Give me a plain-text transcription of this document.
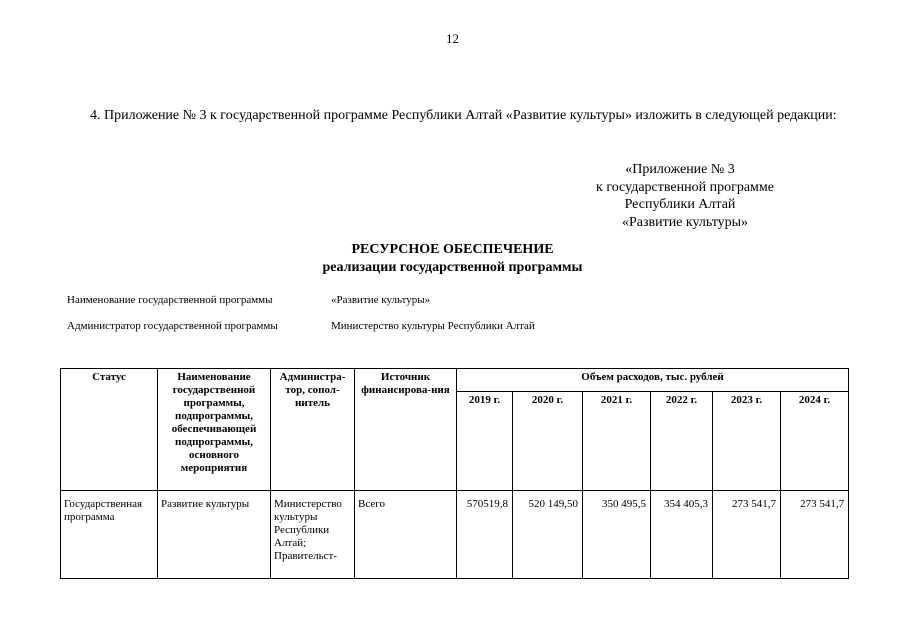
12
4. Приложение № 3 к государственной программе Республики Алтай «Развитие культуры» изложить в следующей редакции:
«Приложение № 3
к государственной программе
Республики Алтай
«Развитие культуры»
РЕСУРСНОЕ ОБЕСПЕЧЕНИЕ
реализации государственной программы
Наименование государственной программы	«Развитие культуры»
Администратор государственной программы	Министерство культуры Республики Алтай
Статус	Наименование государственной программы, подпрограммы, обеспечивающей подпрограммы, основного мероприятия	Администра-тор, сопол-нитель	Источник финансирова-ния	Объем расходов, тыс. рублей					
				2019 г.	2020 г.	2021 г.	2022 г.	2023 г.	2024 г.
Государственная программа	Развитие культуры	Министерство культуры Республики Алтай; Правительст-	Всего	570519,8	520 149,50	350 495,5	354 405,3	273 541,7	273 541,7
